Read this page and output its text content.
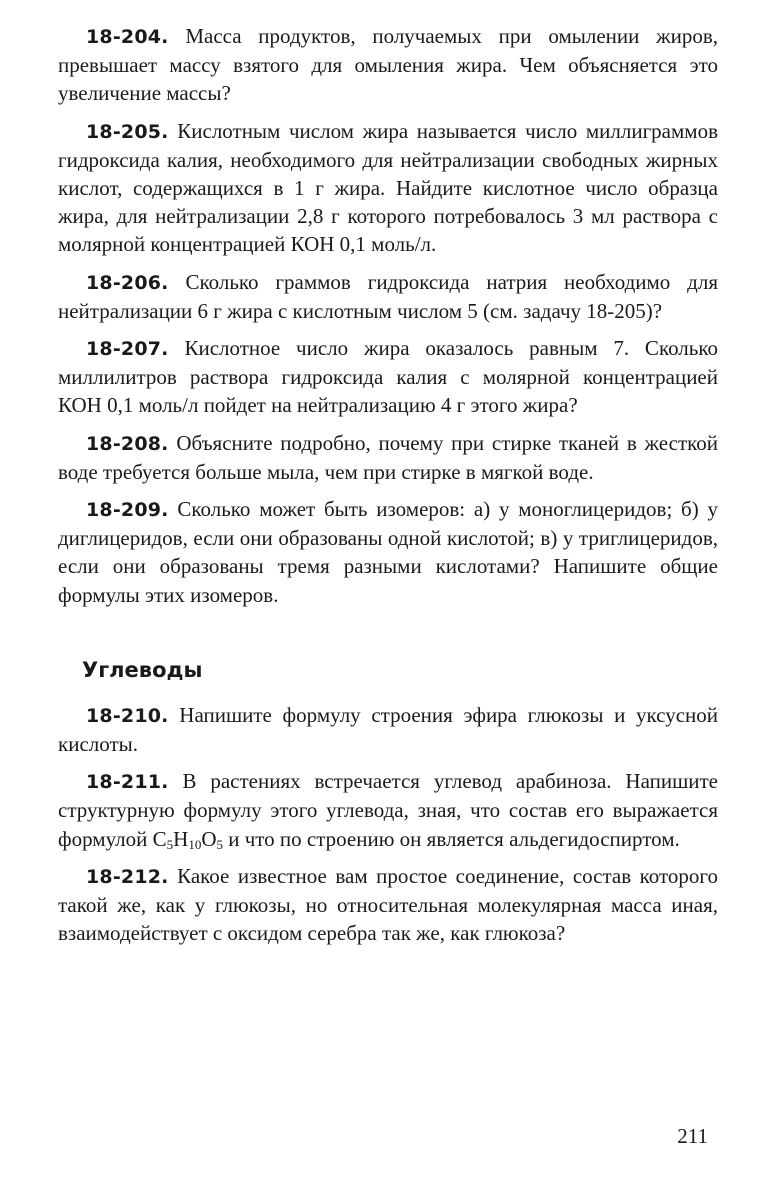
18-204. Масса продуктов, получаемых при омылении жиров, превышает массу взятого для омыления жира. Чем объясняется это увеличение массы?

18-205. Кислотным числом жира называется число миллиграммов гидроксида калия, необходимого для нейтрализации свободных жирных кислот, содержащихся в 1 г жира. Найдите кислотное число образца жира, для нейтрализации 2,8 г которого потребовалось 3 мл раствора с молярной концентрацией КОН 0,1 моль/л.

18-206. Сколько граммов гидроксида натрия необходимо для нейтрализации 6 г жира с кислотным числом 5 (см. задачу 18-205)?

18-207. Кислотное число жира оказалось равным 7. Сколько миллилитров раствора гидроксида калия с молярной концентрацией КОН 0,1 моль/л пойдет на нейтрализацию 4 г этого жира?

18-208. Объясните подробно, почему при стирке тканей в жесткой воде требуется больше мыла, чем при стирке в мягкой воде.

18-209. Сколько может быть изомеров: а) у моноглицеридов; б) у диглицеридов, если они образованы одной кислотой; в) у триглицеридов, если они образованы тремя разными кислотами? Напишите общие формулы этих изомеров.

Углеводы

18-210. Напишите формулу строения эфира глюкозы и уксусной кислоты.

18-211. В растениях встречается углевод арабиноза. Напишите структурную формулу этого углевода, зная, что состав его выражается формулой $C_5H_{10}O_5$ и что по строению он является альдегидоспиртом.

18-212. Какое известное вам простое соединение, состав которого такой же, как у глюкозы, но относительная молекулярная масса иная, взаимодействует с оксидом серебра так же, как глюкоза?

211
